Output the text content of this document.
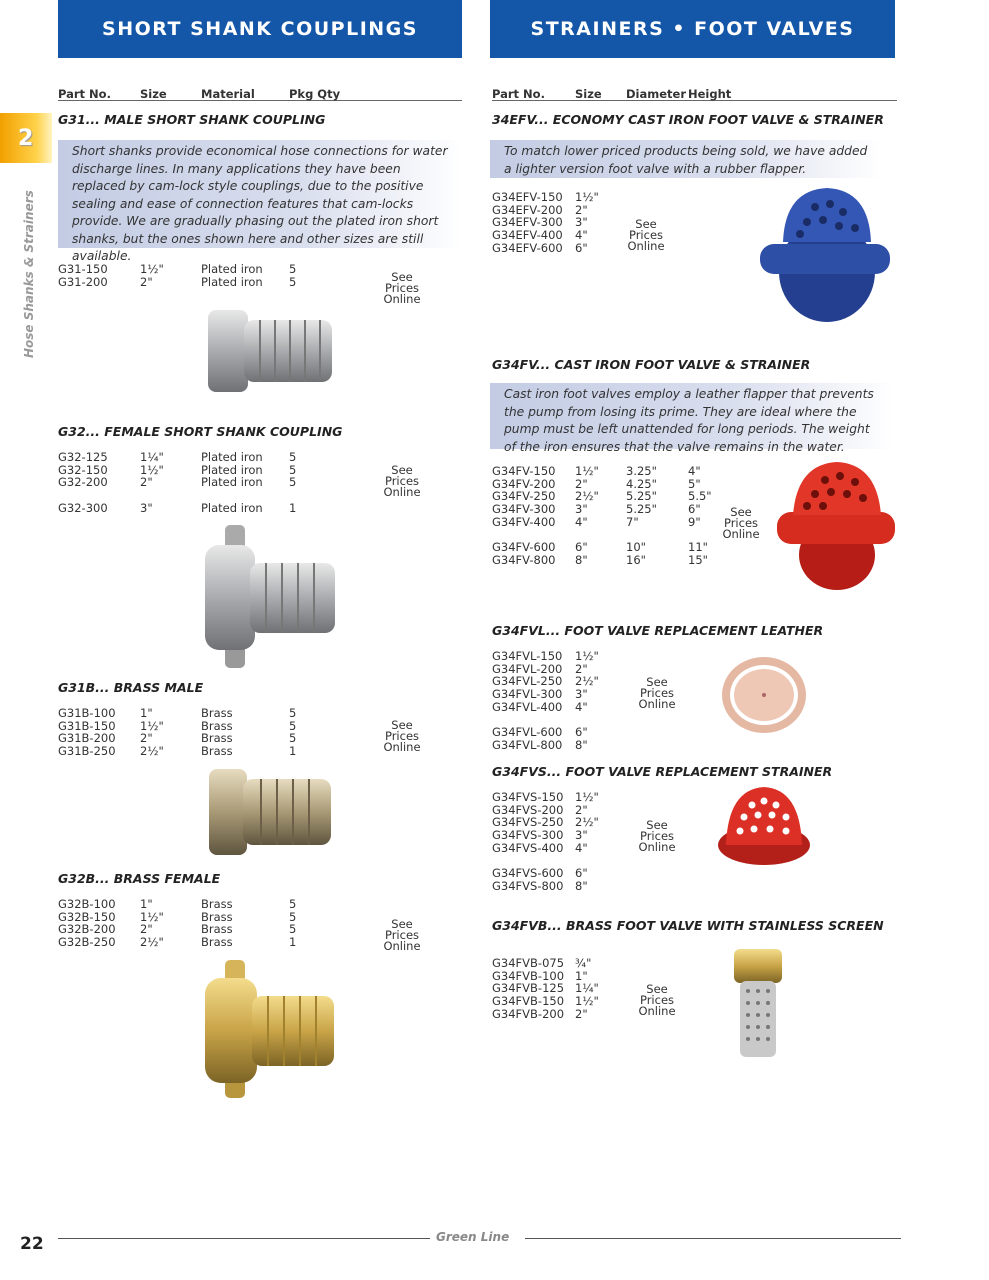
SHORT SHANK COUPLINGS	STRAINERS • FOOT VALVES
2
Hose Shanks & Strainers
Part No.	Size	Material	Pkg Qty	Part No.	Size Diameter Height
G31... MALE SHORT SHANK COUPLING
Short shanks provide economical hose connections for water discharge lines. In many applications they have been replaced by cam-lock style couplings, due to the positive sealing and ease of connection features that cam-locks provide. We are gradually phasing out the plated iron short shanks, but the ones shown here and other sizes are still available.
G31-150	1½"	Plated iron 5
G31-200	2"	Plated iron 5	See
Prices
Online
G32... FEMALE SHORT SHANK COUPLING
G32-125	1¼"	Plated iron 5
G32-150	1½"	Plated iron 5
G32-200	2"	Plated iron 5
G32-300	3"	Plated iron 1
See
Prices
Online
G31B... BRASS MALE
G31B-100 1"	Brass	5
G31B-150 1½"	Brass	5
G31B-200 2"	Brass	5
G31B-250 2½"	Brass	1
See
Prices
Online
G32B... BRASS FEMALE
G32B-100 1"	Brass	5
G32B-150 1½"	Brass	5
G32B-200 2"	Brass	5
G32B-250 2½"	Brass	1
See
Prices
Online
34EFV... ECONOMY CAST IRON FOOT VALVE & STRAINER
To match lower priced products being sold, we have added a lighter version foot valve with a rubber flapper.
G34EFV-150 1½"
G34EFV-200 2"
G34EFV-300 3"
G34EFV-400 4"
G34EFV-600 6"
See
Prices
Online
G34FV... CAST IRON FOOT VALVE & STRAINER
Cast iron foot valves employ a leather flapper that prevents the pump from losing its prime. They are ideal where the pump must be left unattended for long periods. The weight of the iron ensures that the valve remains in the water.
G34FV-150 1½" 3.25"	4"
G34FV-200 2"	4.25"	5"
G34FV-250 2½" 5.25"	5.5"
G34FV-300 3"	5.25"	6"
G34FV-400 4"	7"	9"
G34FV-600 6"	10"	11"
G34FV-800 8"	16"	15"
See
Prices
Online
G34FVL... FOOT VALVE REPLACEMENT LEATHER
G34FVL-150 1½"
G34FVL-200 2"
G34FVL-250 2½"
G34FVL-300 3"
G34FVL-400 4"
G34FVL-600 6"
G34FVL-800 8"
See
Prices
Online
G34FVS... FOOT VALVE REPLACEMENT STRAINER
G34FVS-150 1½"
G34FVS-200 2"
G34FVS-250 2½"
G34FVS-300 3"
G34FVS-400 4"
G34FVS-600 6"
G34FVS-800 8"
See
Prices
Online
G34FVB... BRASS FOOT VALVE WITH STAINLESS SCREEN
G34FVB-075 ¾"
G34FVB-100 1"
G34FVB-125 1¼"
G34FVB-150 1½"
G34FVB-200 2"
See
Prices
Online
22	Green Line
